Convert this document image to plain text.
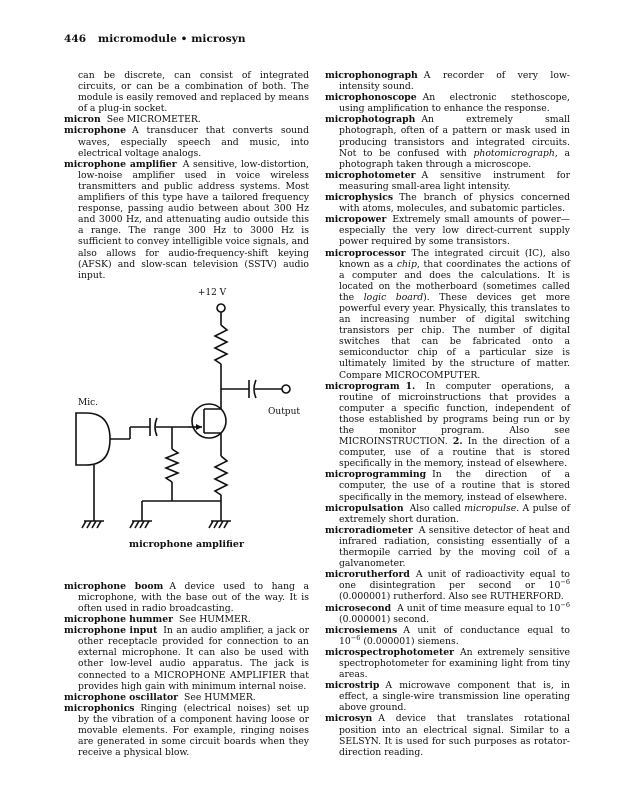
446 micromodule • microsyn

can be discrete, can consist of integrated circuits, or can be a combination of both. The module is easily removed and replaced by means of a plug-in socket.

micron See MICROMETER.

microphone A transducer that converts sound waves, especially speech and music, into electrical voltage analogs.

microphone amplifier A sensitive, low-distortion, low-noise amplifier used in voice wireless transmitters and public address systems. Most amplifiers of this type have a tailored frequency response, passing audio between about 300 Hz and 3000 Hz, and attenuating audio outside this a range. The range 300 Hz to 3000 Hz is sufficient to convey intelligible voice signals, and also allows for audio-frequency-shift keying (AFSK) and slow-scan television (SSTV) audio input.

+12 V
Output
Mic.
microphone amplifier

microphone boom A device used to hang a microphone, with the base out of the way. It is often used in radio broadcasting.

microphone hummer See HUMMER.

microphone input In an audio amplifier, a jack or other receptacle provided for connection to an external microphone. It can also be used with other low-level audio apparatus. The jack is connected to a MICROPHONE AMPLIFIER that provides high gain with minimum internal noise.

microphone oscillator See HUMMER.

microphonics Ringing (electrical noises) set up by the vibration of a component having loose or movable elements. For example, ringing noises are generated in some circuit boards when they receive a physical blow.

microphonograph A recorder of very low-intensity sound.

microphonoscope An electronic stethoscope, using amplification to enhance the response.

microphotograph An extremely small photograph, often of a pattern or mask used in producing transistors and integrated circuits. Not to be confused with photomicrograph, a photograph taken through a microscope.

microphotometer A sensitive instrument for measuring small-area light intensity.

microphysics The branch of physics concerned with atoms, molecules, and subatomic particles.

micropower Extremely small amounts of power—especially the very low direct-current supply power required by some transistors.

microprocessor The integrated circuit (IC), also known as a chip, that coordinates the actions of a computer and does the calculations. It is located on the motherboard (sometimes called the logic board). These devices get more powerful every year. Physically, this translates to an increasing number of digital switching transistors per chip. The number of digital switches that can be fabricated onto a semiconductor chip of a particular size is ultimately limited by the structure of matter. Compare MICROCOMPUTER.

microprogram 1. In computer operations, a routine of microinstructions that provides a computer a specific function, independent of those established by programs being run or by the monitor program. Also see MICROINSTRUCTION. 2. In the direction of a computer, use of a routine that is stored specifically in the memory, instead of elsewhere.

microprogramming In the direction of a computer, the use of a routine that is stored specifically in the memory, instead of elsewhere.

micropulsation Also called micropulse. A pulse of extremely short duration.

microradiometer A sensitive detector of heat and infrared radiation, consisting essentially of a thermopile carried by the moving coil of a galvanometer.

microrutherford A unit of radioactivity equal to one disintegration per second or $10^{-6}$ (0.000001) rutherford. Also see RUTHERFORD.

microsecond A unit of time measure equal to $10^{-6}$ (0.000001) second.

microsiemens A unit of conductance equal to $10^{-6}$ (0.000001) siemens.

microspectrophotometer An extremely sensitive spectrophotometer for examining light from tiny areas.

microstrip A microwave component that is, in effect, a single-wire transmission line operating above ground.

microsyn A device that translates rotational position into an electrical signal. Similar to a SELSYN. It is used for such purposes as rotator-direction reading.
